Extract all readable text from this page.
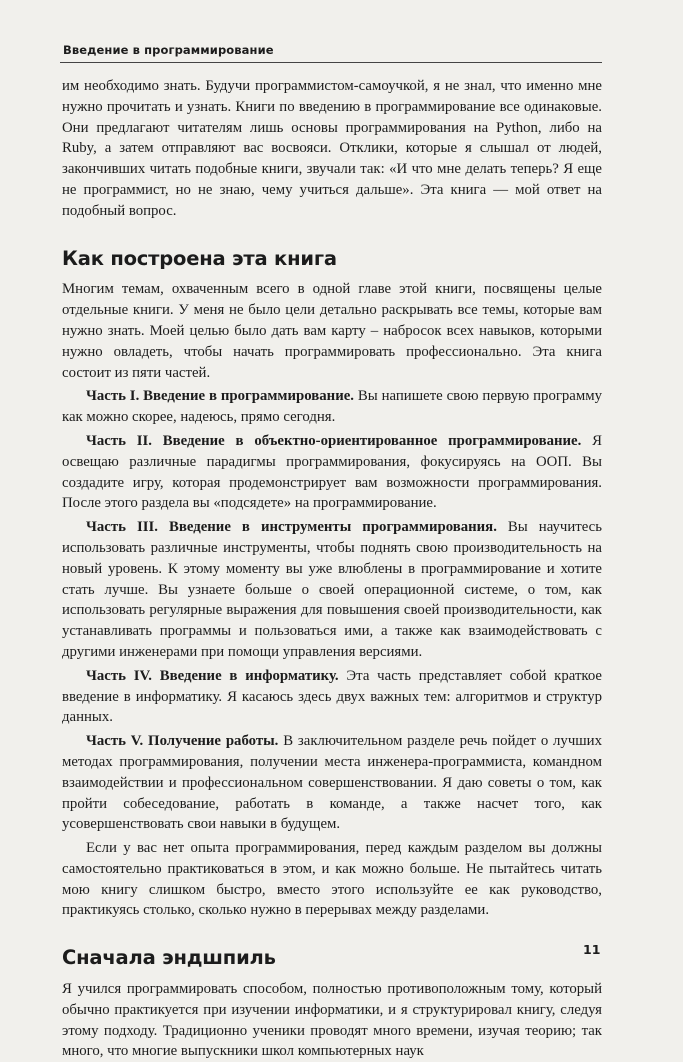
Введение в программирование

им необходимо знать. Будучи программистом-самоучкой, я не знал, что именно мне нужно прочитать и узнать. Книги по введению в программирование все одинаковые. Они предлагают читателям лишь основы программирования на Python, либо на Ruby, а затем отправляют вас восвояси. Отклики, которые я слышал от людей, закончивших читать подобные книги, звучали так: «И что мне делать теперь? Я еще не программист, но не знаю, чему учиться дальше». Эта книга — мой ответ на подобный вопрос.

Как построена эта книга

Многим темам, охваченным всего в одной главе этой книги, посвящены целые отдельные книги. У меня не было цели детально раскрывать все темы, которые вам нужно знать. Моей целью было дать вам карту – набросок всех навыков, которыми нужно овладеть, чтобы начать программировать профессионально. Эта книга состоит из пяти частей.

Часть I. Введение в программирование. Вы напишете свою первую программу как можно скорее, надеюсь, прямо сегодня.

Часть II. Введение в объектно-ориентированное программирование. Я освещаю различные парадигмы программирования, фокусируясь на ООП. Вы создадите игру, которая продемонстрирует вам возможности программирования. После этого раздела вы «подсядете» на программирование.

Часть III. Введение в инструменты программирования. Вы научитесь использовать различные инструменты, чтобы поднять свою производительность на новый уровень. К этому моменту вы уже влюблены в программирование и хотите стать лучше. Вы узнаете больше о своей операционной системе, о том, как использовать регулярные выражения для повышения своей производительности, как устанавливать программы и пользоваться ими, а также как взаимодействовать с другими инженерами при помощи управления версиями.

Часть IV. Введение в информатику. Эта часть представляет собой краткое введение в информатику. Я касаюсь здесь двух важных тем: алгоритмов и структур данных.

Часть V. Получение работы. В заключительном разделе речь пойдет о лучших методах программирования, получении места инженера-программиста, командном взаимодействии и профессиональном совершенствовании. Я даю советы о том, как пройти собеседование, работать в команде, а также насчет того, как усовершенствовать свои навыки в будущем.

Если у вас нет опыта программирования, перед каждым разделом вы должны самостоятельно практиковаться в этом, и как можно больше. Не пытайтесь читать мою книгу слишком быстро, вместо этого используйте ее как руководство, практикуясь столько, сколько нужно в перерывах между разделами.

Сначала эндшпиль

Я учился программировать способом, полностью противоположным тому, который обычно практикуется при изучении информатики, и я структурировал книгу, следуя этому подходу. Традиционно ученики проводят много времени, изучая теорию; так много, что многие выпускники школ компьютерных наук

11
